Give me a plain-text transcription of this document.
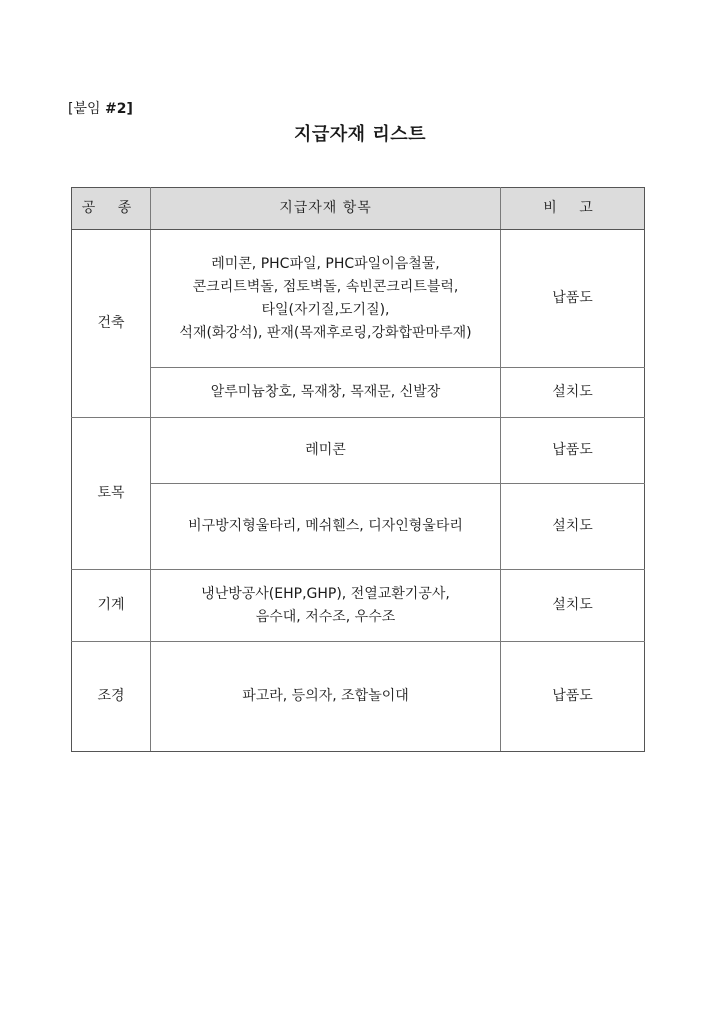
[붙임 #2]
지급자재 리스트
공 종	지급자재 항목	비 고
건축	레미콘, PHC파일, PHC파일이음철물,
콘크리트벽돌, 점토벽돌, 속빈콘크리트블럭,
타일(자기질,도기질),
석재(화강석), 판재(목재후로링,강화합판마루재)	납품도

	알루미늄창호, 목재창, 목재문, 신발장	설치도
토목	레미콘	납품도

	비구방지형울타리, 메쉬휀스, 디자인형울타리	설치도
기계	냉난방공사(EHP,GHP), 전열교환기공사,
음수대, 저수조, 우수조	설치도
조경	파고라, 등의자, 조합놀이대	납품도
